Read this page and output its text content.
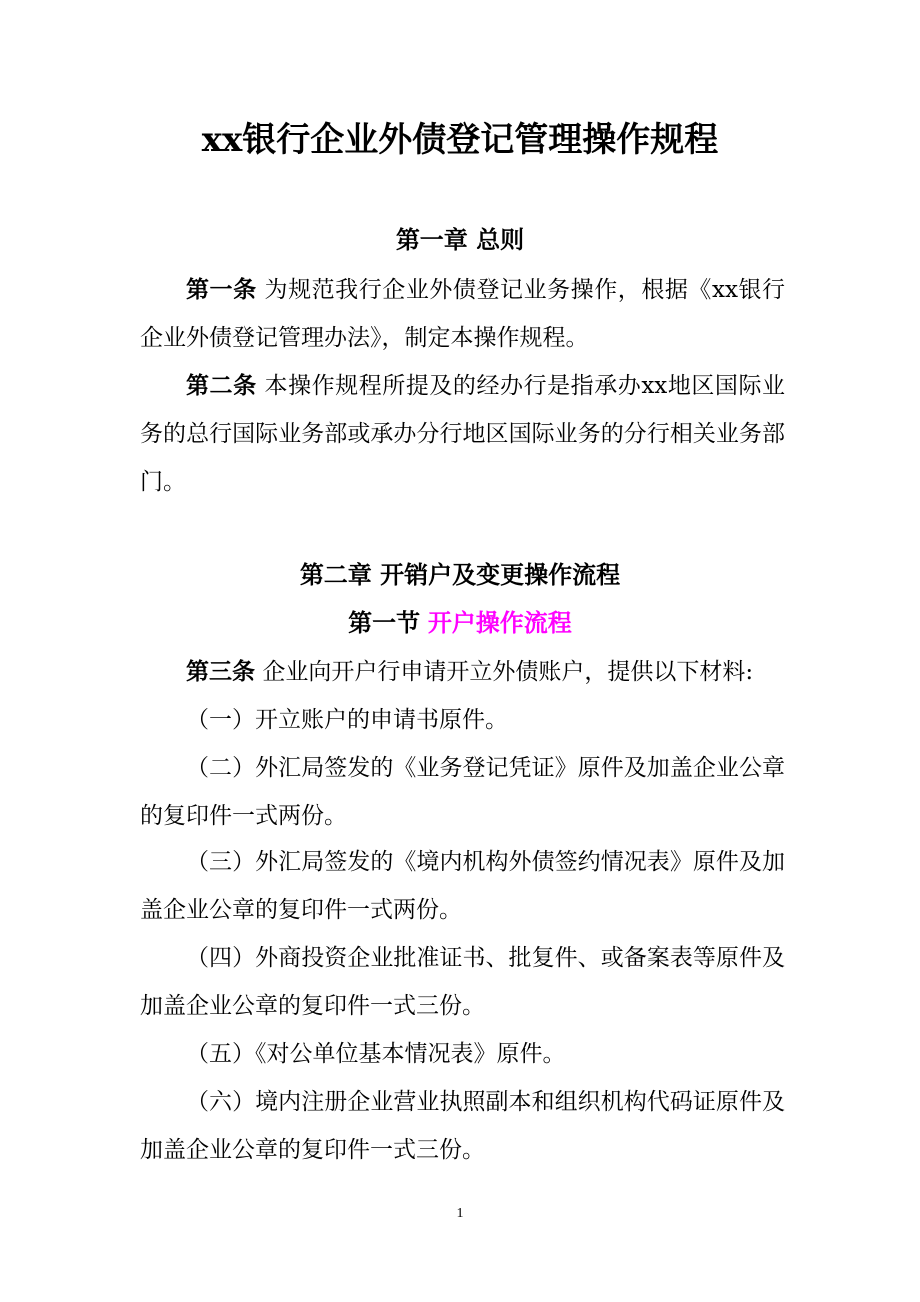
xx银行企业外债登记管理操作规程
第一章 总则
第一条 为规范我行企业外债登记业务操作，根据《xx银行企业外债登记管理办法》，制定本操作规程。
第二条 本操作规程所提及的经办行是指承办xx地区国际业务的总行国际业务部或承办分行地区国际业务的分行相关业务部门。
第二章 开销户及变更操作流程
第一节 开户操作流程
第三条 企业向开户行申请开立外债账户，提供以下材料:
（一）开立账户的申请书原件。
（二）外汇局签发的《业务登记凭证》原件及加盖企业公章的复印件一式两份。
（三）外汇局签发的《境内机构外债签约情况表》原件及加盖企业公章的复印件一式两份。
（四）外商投资企业批准证书、批复件、或备案表等原件及加盖企业公章的复印件一式三份。
（五）《对公单位基本情况表》原件。
（六）境内注册企业营业执照副本和组织机构代码证原件及加盖企业公章的复印件一式三份。
1
